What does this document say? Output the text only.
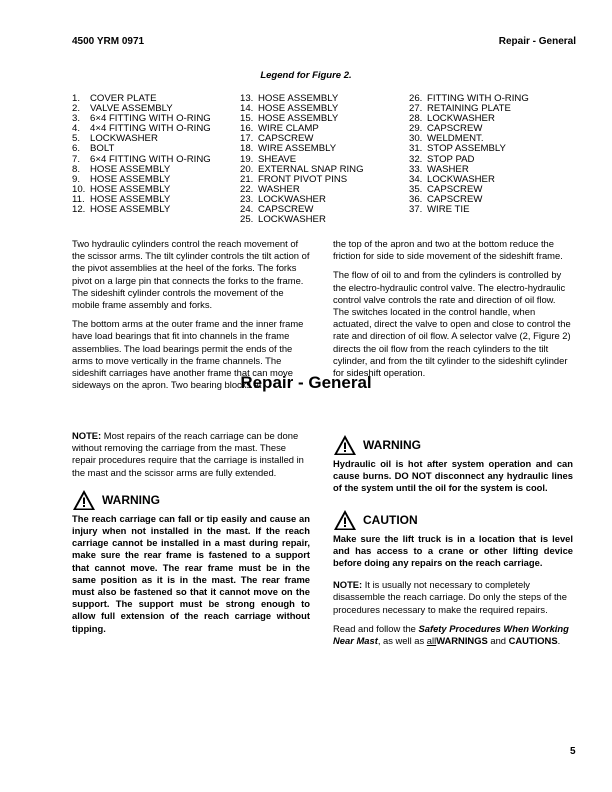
4500 YRM 0971	Repair - General
Legend for Figure 2.
1. COVER PLATE
2. VALVE ASSEMBLY
3. 6×4 FITTING WITH O-RING
4. 4×4 FITTING WITH O-RING
5. LOCKWASHER
6. BOLT
7. 6×4 FITTING WITH O-RING
8. HOSE ASSEMBLY
9. HOSE ASSEMBLY
10. HOSE ASSEMBLY
11. HOSE ASSEMBLY
12. HOSE ASSEMBLY
13. HOSE ASSEMBLY
14. HOSE ASSEMBLY
15. HOSE ASSEMBLY
16. WIRE CLAMP
17. CAPSCREW
18. WIRE ASSEMBLY
19. SHEAVE
20. EXTERNAL SNAP RING
21. FRONT PIVOT PINS
22. WASHER
23. LOCKWASHER
24. CAPSCREW
25. LOCKWASHER
26. FITTING WITH O-RING
27. RETAINING PLATE
28. LOCKWASHER
29. CAPSCREW
30. WELDMENT.
31. STOP ASSEMBLY
32. STOP PAD
33. WASHER
34. LOCKWASHER
35. CAPSCREW
36. CAPSCREW
37. WIRE TIE

Two hydraulic cylinders control the reach movement of the scissor arms. The tilt cylinder controls the tilt action of the pivot assemblies at the heel of the forks. The forks pivot on a large pin that connects the forks to the frame. The sideshift cylinder controls the movement of the mobile frame assembly and forks.

The bottom arms at the outer frame and the inner frame have load bearings that fit into channels in the frame assemblies. The load bearings permit the ends of the arms to move vertically in the frame channels. The sideshift carriages have another frame that can move sideways on the apron. Two bearing blocks at

the top of the apron and two at the bottom reduce the friction for side to side movement of the sideshift frame.

The flow of oil to and from the cylinders is controlled by the electro-hydraulic control valve. The electro-hydraulic control valve controls the rate and direction of oil flow. The switches located in the control handle, when actuated, direct the valve to open and close to control the rate and direction of oil flow. A selector valve (2, Figure 2) directs the oil flow from the reach cylinders to the tilt cylinder, and from the tilt cylinder to the sideshift cylinder for sideshift operation.

Repair - General

NOTE: Most repairs of the reach carriage can be done without removing the carriage from the mast. These repair procedures require that the carriage is installed in the mast and the scissor arms are fully extended.

WARNING
The reach carriage can fall or tip easily and cause an injury when not installed in the mast. If the reach carriage cannot be installed in a mast during repair, make sure the rear frame is fastened to a support that cannot move. The rear frame must be in the same position as it is in the mast. The rear frame must also be fastened so that it cannot move on the support. The support must be strong enough to allow full extension of the reach carriage without tipping.
WARNING
Hydraulic oil is hot after system operation and can cause burns. DO NOT disconnect any hydraulic lines of the system until the oil for the system is cool.
CAUTION
Make sure the lift truck is in a location that is level and has access to a crane or other lifting device before doing any repairs on the reach carriage.

NOTE: It is usually not necessary to completely disassemble the reach carriage. Do only the steps of the procedures necessary to make the required repairs.

Read and follow the Safety Procedures When Working Near Mast, as well as allWARNINGS and CAUTIONS.

5
